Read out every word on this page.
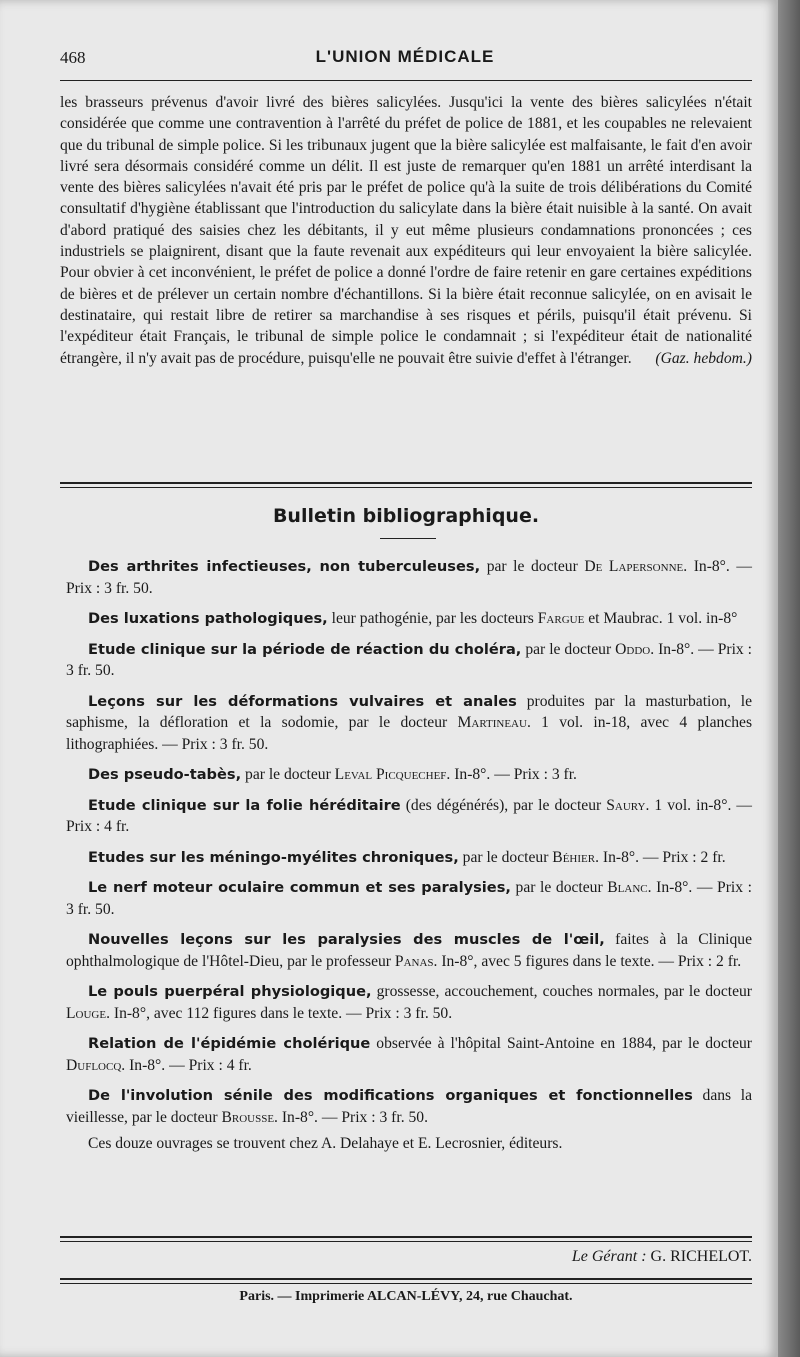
468	L'UNION MÉDICALE

les brasseurs prévenus d'avoir livré des bières salicylées. Jusqu'ici la vente des bières salicylées n'était considérée que comme une contravention à l'arrêté du préfet de police de 1881, et les coupables ne relevaient que du tribunal de simple police. Si les tribunaux jugent que la bière salicylée est malfaisante, le fait d'en avoir livré sera désormais considéré comme un délit. Il est juste de remarquer qu'en 1881 un arrêté interdisant la vente des bières salicylées n'avait été pris par le préfet de police qu'à la suite de trois délibérations du Comité consultatif d'hygiène établissant que l'introduction du salicylate dans la bière était nuisible à la santé. On avait d'abord pratiqué des saisies chez les débitants, il y eut même plusieurs condamnations prononcées ; ces industriels se plaignirent, disant que la faute revenait aux expéditeurs qui leur envoyaient la bière salicylée. Pour obvier à cet inconvénient, le préfet de police a donné l'ordre de faire retenir en gare certaines expéditions de bières et de prélever un certain nombre d'échantillons. Si la bière était reconnue salicylée, on en avisait le destinataire, qui restait libre de retirer sa marchandise à ses risques et périls, puisqu'il était prévenu. Si l'expéditeur était Français, le tribunal de simple police le condamnait ; si l'expéditeur était de nationalité étrangère, il n'y avait pas de procédure, puisqu'elle ne pouvait être suivie d'effet à l'étranger. (Gaz. hebdom.)

Bulletin bibliographique.

Des arthrites infectieuses, non tuberculeuses, par le docteur De Lapersonne. In-8°. — Prix : 3 fr. 50.

Des luxations pathologiques, leur pathogénie, par les docteurs Fargue et Maubrac. 1 vol. in-8°

Etude clinique sur la période de réaction du choléra, par le docteur Oddo. In-8°. — Prix : 3 fr. 50.

Leçons sur les déformations vulvaires et anales produites par la masturbation, le saphisme, la défloration et la sodomie, par le docteur Martineau. 1 vol. in-18, avec 4 planches lithographiées. — Prix : 3 fr. 50.

Des pseudo-tabès, par le docteur Leval Picquechef. In-8°. — Prix : 3 fr.

Etude clinique sur la folie héréditaire (des dégénérés), par le docteur Saury. 1 vol. in-8°. — Prix : 4 fr.

Etudes sur les méningo-myélites chroniques, par le docteur Béhier. In-8°. — Prix : 2 fr.

Le nerf moteur oculaire commun et ses paralysies, par le docteur Blanc. In-8°. — Prix : 3 fr. 50.

Nouvelles leçons sur les paralysies des muscles de l'œil, faites à la Clinique ophthalmologique de l'Hôtel-Dieu, par le professeur Panas. In-8°, avec 5 figures dans le texte. — Prix : 2 fr.

Le pouls puerpéral physiologique, grossesse, accouchement, couches normales, par le docteur Louge. In-8°, avec 112 figures dans le texte. — Prix : 3 fr. 50.

Relation de l'épidémie cholérique observée à l'hôpital Saint-Antoine en 1884, par le docteur Duflocq. In-8°. — Prix : 4 fr.

De l'involution sénile des modifications organiques et fonctionnelles dans la vieillesse, par le docteur Brousse. In-8°. — Prix : 3 fr. 50.

Ces douze ouvrages se trouvent chez A. Delahaye et E. Lecrosnier, éditeurs.

Le Gérant : G. RICHELOT.
Paris. — Imprimerie ALCAN-LÉVY, 24, rue Chauchat.
